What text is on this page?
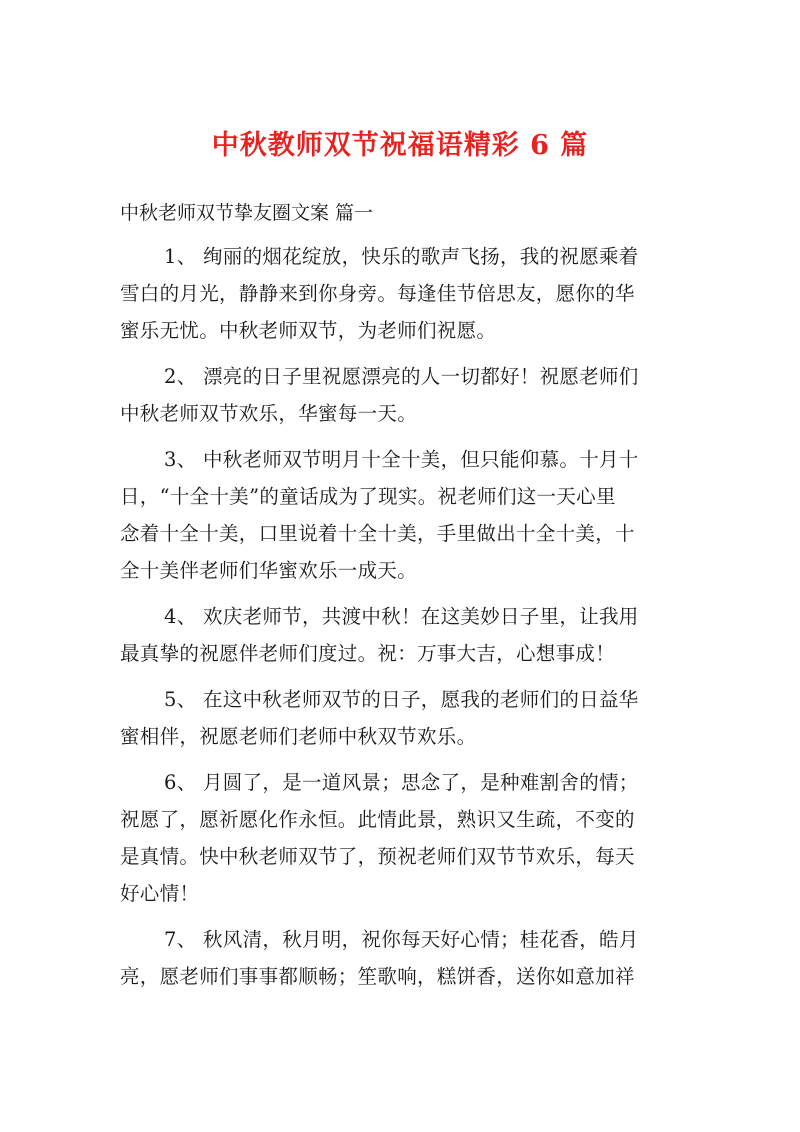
中秋教师双节祝福语精彩 6 篇
中秋老师双节挚友圈文案 篇一
1、 绚丽的烟花绽放，快乐的歌声飞扬，我的祝愿乘着
雪白的月光，静静来到你身旁。每逢佳节倍思友，愿你的华
蜜乐无忧。中秋老师双节，为老师们祝愿。
2、 漂亮的日子里祝愿漂亮的人一切都好！祝愿老师们
中秋老师双节欢乐，华蜜每一天。
3、 中秋老师双节明月十全十美，但只能仰慕。十月十
日，“十全十美”的童话成为了现实。祝老师们这一天心里
念着十全十美，口里说着十全十美，手里做出十全十美，十
全十美伴老师们华蜜欢乐一成天。
4、 欢庆老师节，共渡中秋！在这美妙日子里，让我用
最真挚的祝愿伴老师们度过。祝：万事大吉，心想事成！
5、 在这中秋老师双节的日子，愿我的老师们的日益华
蜜相伴，祝愿老师们老师中秋双节欢乐。
6、 月圆了，是一道风景；思念了，是种难割舍的情；
祝愿了，愿祈愿化作永恒。此情此景，熟识又生疏，不变的
是真情。快中秋老师双节了，预祝老师们双节节欢乐，每天
好心情！
7、 秋风清，秋月明，祝你每天好心情；桂花香，皓月
亮，愿老师们事事都顺畅；笙歌响，糕饼香，送你如意加祥
